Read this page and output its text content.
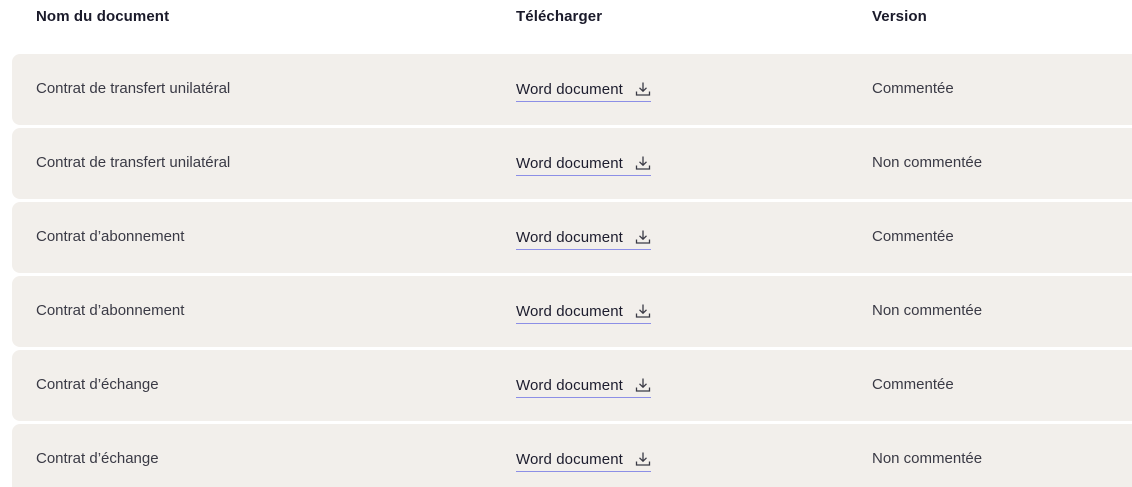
Nom du document	Télécharger	Version
Contrat de transfert unilatéral	Word document	Commentée
Contrat de transfert unilatéral	Word document	Non commentée
Contrat d’abonnement	Word document	Commentée
Contrat d’abonnement	Word document	Non commentée
Contrat d’échange	Word document	Commentée
Contrat d’échange	Word document	Non commentée
